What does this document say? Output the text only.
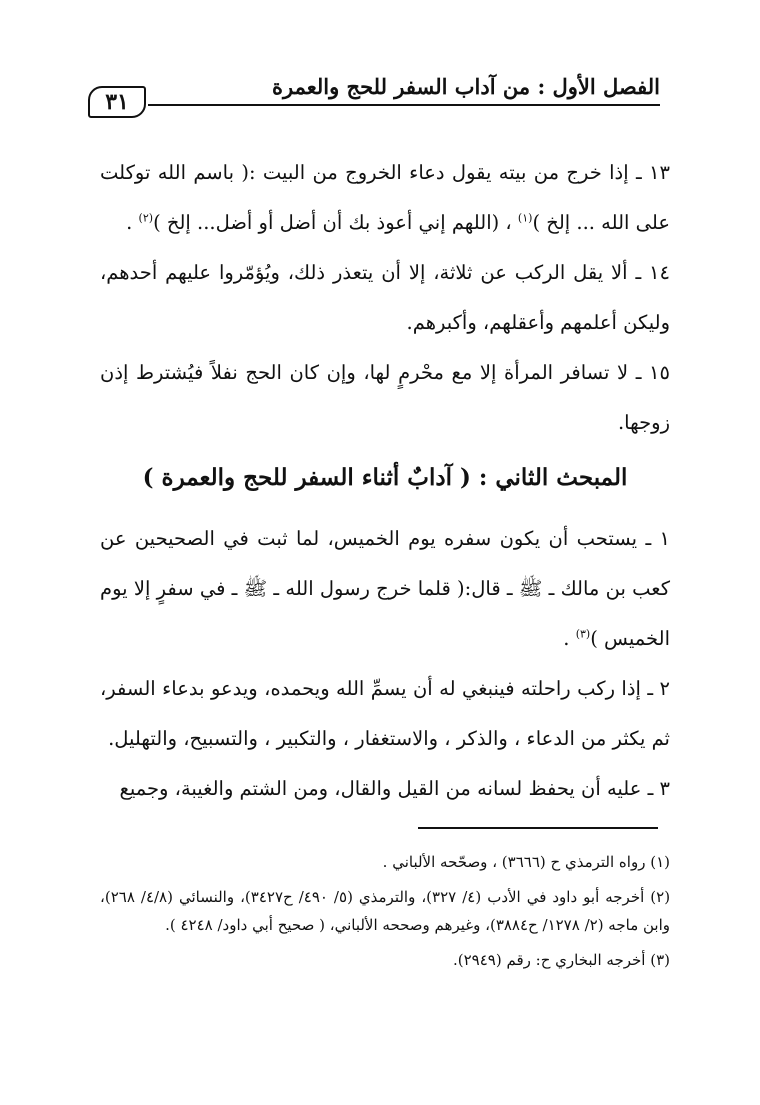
الفصل الأول : من آداب السفر للحج والعمرة
٣١

١٣ ـ إذا خرج من بيته يقول دعاء الخروج من البيت :( باسم الله توكلت على الله ... إلخ )$^{(١)}$ ، (اللهم إني أعوذ بك أن أضل أو أضل... إلخ )$^{(٢)}$ .

١٤ ـ ألا يقل الركب عن ثلاثة، إلا أن يتعذر ذلك، ويُؤمّروا عليهم أحدهم، وليكن أعلمهم وأعقلهم، وأكبرهم.

١٥ ـ لا تسافر المرأة إلا مع محْرمٍ لها، وإن كان الحج نفلاً فيُشترط إذن زوجها.

المبحث الثاني : ( آدابٌ أثناء السفر للحج والعمرة )

١ ـ يستحب أن يكون سفره يوم الخميس، لما ثبت في الصحيحين عن كعب بن مالك ـ ﷺ ـ قال:( قلما خرج رسول الله ـ ﷺ ـ في سفرٍ إلا يوم الخميس )$^{(٣)}$ .

٢ ـ إذا ركب راحلته فينبغي له أن يسمِّ الله ويحمده، ويدعو بدعاء السفر، ثم يكثر من الدعاء ، والذكر ، والاستغفار ، والتكبير ، والتسبيح، والتهليل.

٣ ـ عليه أن يحفظ لسانه من القيل والقال، ومن الشتم والغيبة، وجميع

(١) رواه الترمذي ح (٣٦٦٦) ، وصحّحه الألباني .

(٢) أخرجه أبو داود في الأدب (٤/ ٣٢٧)، والترمذي (٥/ ٤٩٠/ ح٣٤٢٧)، والنسائي (٤/٨/ ٢٦٨)، وابن ماجه (٢/ ١٢٧٨/ ح٣٨٨٤)، وغيرهم وصححه الألباني، ( صحيح أبي داود/ ٤٢٤٨ ).

(٣) أخرجه البخاري ح: رقم (٢٩٤٩).
